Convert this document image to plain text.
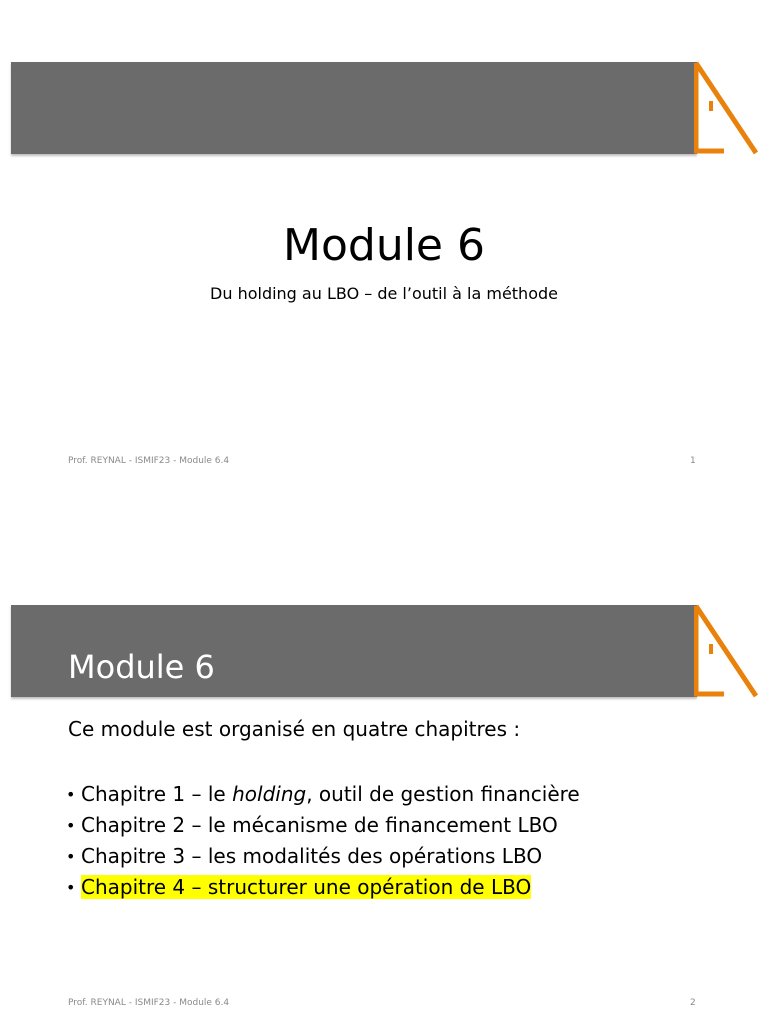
Module 6

Du holding au LBO – de l’outil à la méthode

Prof. REYNAL - ISMIF23 - Module 6.4	1
Module 6

Ce module est organisé en quatre chapitres :

• Chapitre 1 – le holding, outil de gestion financière
• Chapitre 2 – le mécanisme de financement LBO
• Chapitre 3 – les modalités des opérations LBO
• Chapitre 4 – structurer une opération de LBO
Prof. REYNAL - ISMIF23 - Module 6.4	2
